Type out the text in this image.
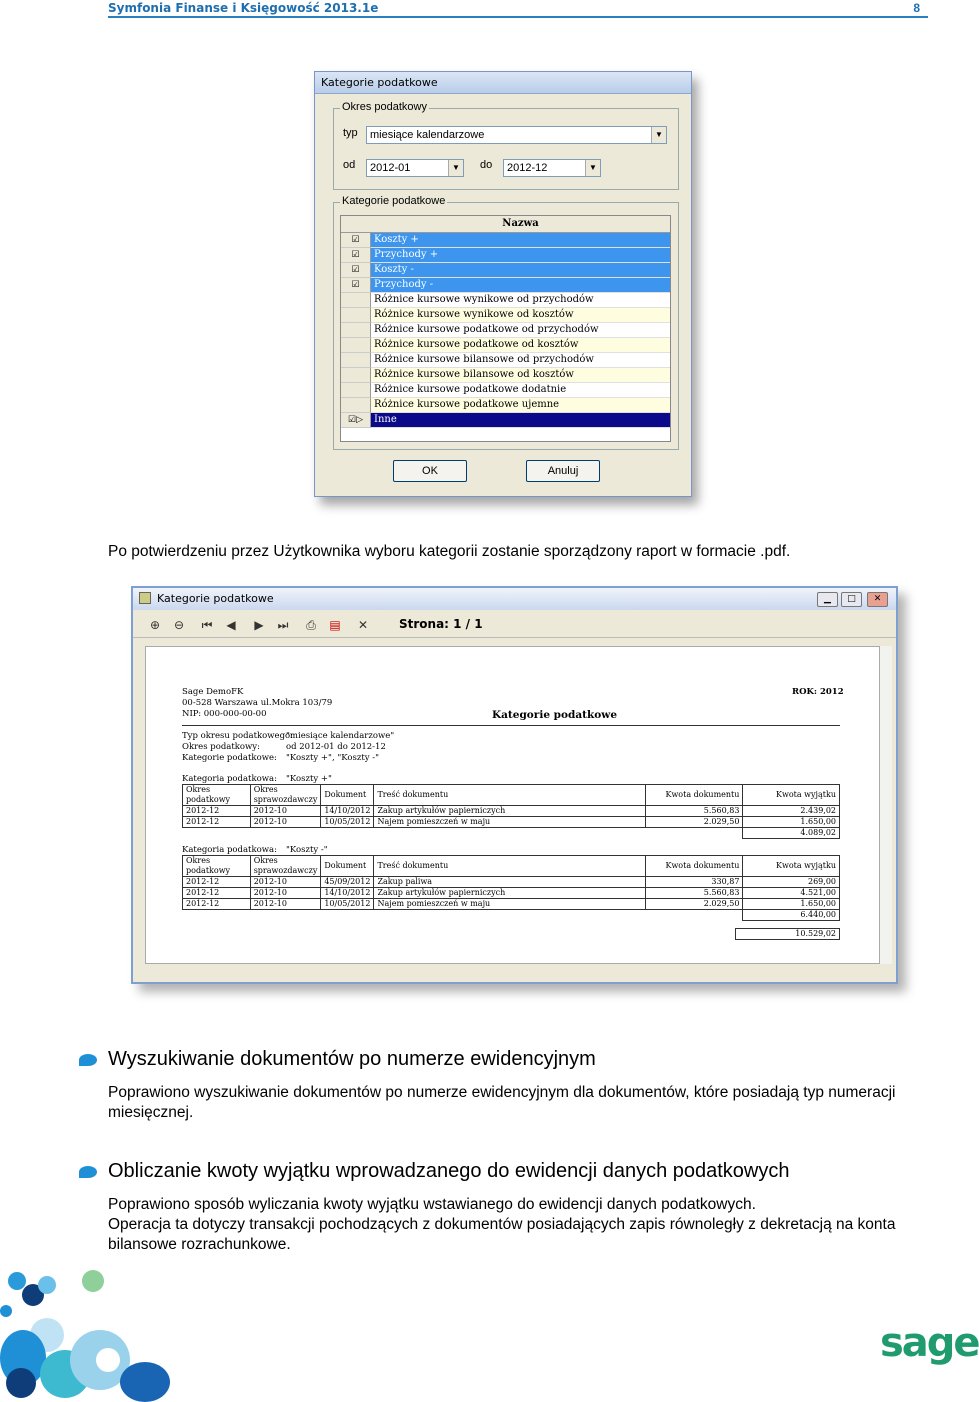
Symfonia Finanse i Księgowość 2013.1e	8
Kategorie podatkowe
Okres podatkowy
typ	miesiące kalendarzowe	▼
od	2012-01	▼ do	2012-12	▼
Kategorie podatkowe
Nazwa
☑	Koszty +
☑	Przychody +
☑	Koszty -
☑	Przychody -
Różnice kursowe wynikowe od przychodów
Różnice kursowe wynikowe od kosztów
Różnice kursowe podatkowe od przychodów
Różnice kursowe podatkowe od kosztów
Różnice kursowe bilansowe od przychodów
Różnice kursowe bilansowe od kosztów
Różnice kursowe podatkowe dodatnie
Różnice kursowe podatkowe ujemne
☑▷	Inne
OK	Anuluj
Po potwierdzeniu przez Użytkownika wyboru kategorii zostanie sporządzony raport w formacie .pdf.
Kategorie podatkowe	▁	□	✕
⊕	⊖	⏮	◀	▶	⏭	⎙	▤	✕	Strona: 1 / 1
Sage DemoFK
00-528 Warszawa ul.Mokra 103/79
NIP: 000-000-00-00
ROK: 2012
Kategorie podatkowe
Typ okresu podatkowego:
"miesiące kalendarzowe"
Okres podatkowy:	od 2012-01 do 2012-12
Kategorie podatkowe: "Koszty +", "Koszty -"
Kategoria podatkowa: "Koszty +"
Okres podatkowy	Okres sprawozdawczy	Dokument	Treść dokumentu	Kwota dokumentu	Kwota wyjątku
2012-12	2012-10	14/10/2012	Zakup artykułów papierniczych	5.560,83	2.439,02
2012-12	2012-10	10/05/2012	Najem pomieszczeń w maju	2.029,50	1.650,00
					4.089,02
Kategoria podatkowa: "Koszty -"
Okres podatkowy	Okres sprawozdawczy	Dokument	Treść dokumentu	Kwota dokumentu	Kwota wyjątku
2012-12	2012-10	45/09/2012	Zakup paliwa	330,87	269,00
2012-12	2012-10	14/10/2012	Zakup artykułów papierniczych	5.560,83	4.521,00
2012-12	2012-10	10/05/2012	Najem pomieszczeń w maju	2.029,50	1.650,00
					6.440,00
10.529,02
Wyszukiwanie dokumentów po numerze ewidencyjnym
Poprawiono wyszukiwanie dokumentów po numerze ewidencyjnym dla dokumentów, które posiadają typ numeracji miesięcznej.
Obliczanie kwoty wyjątku wprowadzanego do ewidencji danych podatkowych
Poprawiono sposób wyliczania kwoty wyjątku wstawianego do ewidencji danych podatkowych.
Operacja ta dotyczy transakcji pochodzących z dokumentów posiadających zapis równoległy z dekretacją na konta bilansowe rozrachunkowe.
sage
